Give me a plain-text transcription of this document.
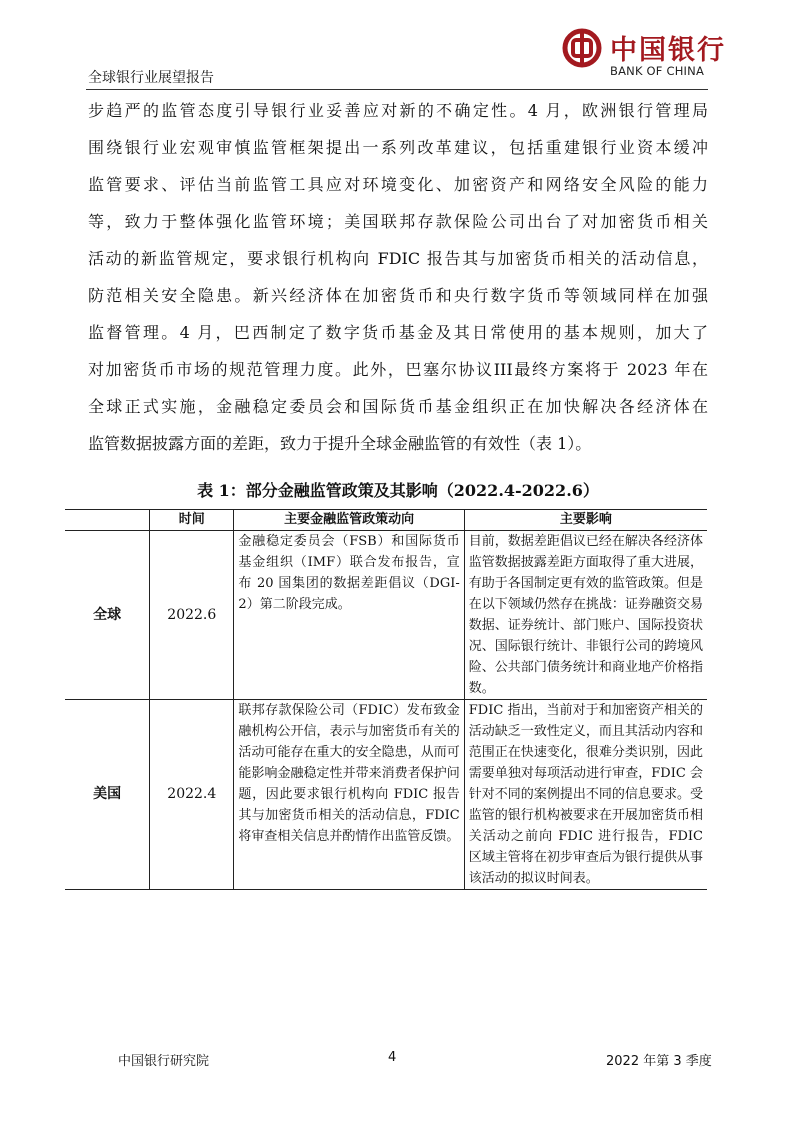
中国银行
BANK OF CHINA
全球银行业展望报告
步趋严的监管态度引导银行业妥善应对新的不确定性。4 月，欧洲银行管理局
围绕银行业宏观审慎监管框架提出一系列改革建议，包括重建银行业资本缓冲
监管要求、评估当前监管工具应对环境变化、加密资产和网络安全风险的能力
等，致力于整体强化监管环境；美国联邦存款保险公司出台了对加密货币相关
活动的新监管规定，要求银行机构向 FDIC 报告其与加密货币相关的活动信息，
防范相关安全隐患。新兴经济体在加密货币和央行数字货币等领域同样在加强
监督管理。4 月，巴西制定了数字货币基金及其日常使用的基本规则，加大了
对加密货币市场的规范管理力度。此外，巴塞尔协议III最终方案将于 2023 年在
全球正式实施，金融稳定委员会和国际货币基金组织正在加快解决各经济体在
监管数据披露方面的差距，致力于提升全球金融监管的有效性（表 1）。
表 1：部分金融监管政策及其影响（2022.4-2022.6）
	时间	主要金融监管政策动向	主要影响
全球	2022.6	金融稳定委员会（FSB）和国际货币基金组织（IMF）联合发布报告，宣布 20 国集团的数据差距倡议（DGI-2）第二阶段完成。	目前，数据差距倡议已经在解决各经济体监管数据披露差距方面取得了重大进展，有助于各国制定更有效的监管政策。但是在以下领域仍然存在挑战：证券融资交易数据、证券统计、部门账户、国际投资状况、国际银行统计、非银行公司的跨境风险、公共部门债务统计和商业地产价格指数。
美国	2022.4	联邦存款保险公司（FDIC）发布致金融机构公开信，表示与加密货币有关的活动可能存在重大的安全隐患，从而可能影响金融稳定性并带来消费者保护问题，因此要求银行机构向 FDIC 报告其与加密货币相关的活动信息，FDIC 将审查相关信息并酌情作出监管反馈。	FDIC 指出，当前对于和加密资产相关的活动缺乏一致性定义，而且其活动内容和范围正在快速变化，很难分类识别，因此需要单独对每项活动进行审查，FDIC 会针对不同的案例提出不同的信息要求。受监管的银行机构被要求在开展加密货币相关活动之前向 FDIC 进行报告，FDIC 区域主管将在初步审查后为银行提供从事该活动的拟议时间表。
中国银行研究院	4	2022 年第 3 季度
